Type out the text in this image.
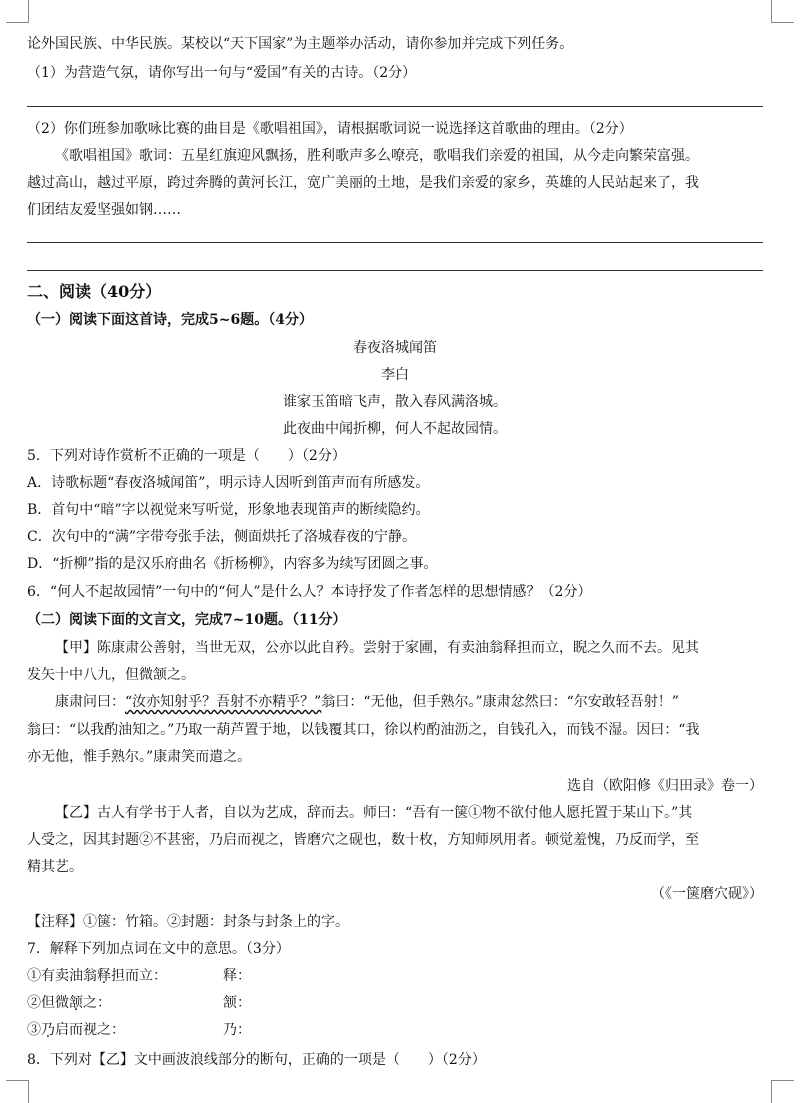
论外国民族、中华民族。某校以“天下国家”为主题举办活动，请你参加并完成下列任务。
（1）为营造气氛，请你写出一句与“爱国”有关的古诗。（2分）
（2）你们班参加歌咏比赛的曲目是《歌唱祖国》，请根据歌词说一说选择这首歌曲的理由。（2分）
《歌唱祖国》歌词：五星红旗迎风飘扬，胜利歌声多么嘹亮，歌唱我们亲爱的祖国，从今走向繁荣富强。
越过高山，越过平原，跨过奔腾的黄河长江，宽广美丽的土地，是我们亲爱的家乡，英雄的人民站起来了，我
们团结友爱坚强如钢……
二、阅读（40分）
（一）阅读下面这首诗，完成5~6题。（4分）
春夜洛城闻笛
李白
谁家玉笛暗飞声，散入春风满洛城。
此夜曲中闻折柳，何人不起故园情。
5．下列对诗作赏析不正确的一项是（　　）（2分）
A．诗歌标题“春夜洛城闻笛”，明示诗人因听到笛声而有所感发。
B．首句中“暗”字以视觉来写听觉，形象地表现笛声的断续隐约。
C．次句中的“满”字带夸张手法，侧面烘托了洛城春夜的宁静。
D．“折柳”指的是汉乐府曲名《折杨柳》，内容多为续写团圆之事。
6．“何人不起故园情”一句中的“何人”是什么人？本诗抒发了作者怎样的思想情感？（2分）
（二）阅读下面的文言文，完成7~10题。（11分）
【甲】陈康肃公善射，当世无双，公亦以此自矜。尝射于家圃，有卖油翁释担而立，睨之久而不去。见其
发矢十中八九，但微颔之。
康肃问曰：“汝亦知射乎？吾射不亦精乎？”翁曰：“无他，但手熟尔。”康肃忿然曰：“尔安敢轻吾射！”
翁曰：“以我酌油知之。”乃取一葫芦置于地，以钱覆其口，徐以杓酌油沥之，自钱孔入，而钱不湿。因曰：“我
亦无他，惟手熟尔。”康肃笑而遣之。
选自（欧阳修《归田录》卷一）
【乙】古人有学书于人者，自以为艺成，辞而去。师曰：“吾有一箧①物不欲付他人愿托置于某山下。”其
人受之，因其封题②不甚密，乃启而视之，皆磨穴之砚也，数十枚，方知师夙用者。顿觉羞愧，乃反而学，至
精其艺。
（《一箧磨穴砚》）
【注释】①箧：竹箱。②封题：封条与封条上的字。
7．解释下列加点词在文中的意思。（3分）
①有卖油翁释担而立：	释：
②但微颔之：	颔：
③乃启而视之：	乃：
8．下列对【乙】文中画波浪线部分的断句，正确的一项是（　　）（2分）
